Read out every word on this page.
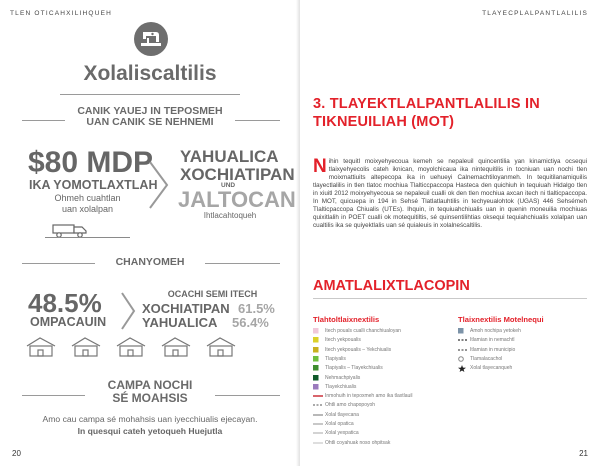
TLEN OTICAHXILIHQUEH
Xolaliscaltilis
CANIK YAUEJ IN TEPOSMEH
UAN CANIK SE NEHNEMI
$80 MDP
IKA YOMOTLAXTLAH
Ohmeh cuahtlan
uan xolalpan
YAHUALICA
XOCHIATIPAN
UND
JALTOCAN
Ihtlacahtoqueh
CHANYOMEH
48.5%
OMPACAUIN
OCACHI SEMI ITECH
XOCHIATIPAN 61.5%
YAHUALICA 56.4%
CAMPA NOCHI
SÉ MOAHSIS
Amo cau campa sé mohahsis uan iyecchiualis ejecayan.
In quesqui cateh yetoqueh Huejutla
20
TLAYECPLALPANTLALILIS
3. TLAYEKTLALPANTLALILIS IN TIKNEUILIAH (MOT)
Nihin tequitl moixyehyecoua kemeh se nepaleuil quincentilia yan kinamictiya ocsequi tlaixyehyecolis cateh iknican, moyolchicaua ika nintequitilis in tocniuan uan nochi tlen moixmattiuits altepecopa ika in uehueyi Calnemachtiloyanmeh. In tequitilanamiquilis tlayectlalilis in tlen tlatoc mochiua Tlalticcpaccopa Hasteca den quichiuh in tequiuah Hidalgo tlen in xiuitl 2012 moixyehyecoua se nepaleuil cualli ok den tlen mochiua axcan itech ni tlalticpaccopa. In MOT, quicuepa in 194 in Sehsé Tlatlatlauhtilis in techyeualohtok (UGAS) 446 Sehsémeh Tlalticpaccopa Chiualis (UTEs). Ihquin, in tequiuahchiualis uan in quenin moneuilia mochiuas quixitlalih in POET cualli ok motequitiltis, sé quinsentilihtias oksequi tequiahchiualis xolalpan uan cualtilis ika se quiyektlalis uan sé quialeuis in xolalneścaltilis.
AMATLALIXTLACOPIN
Tlahtoltlaixnextilis	Tlaixnextilis Motelnequi
Itech pouals cualli chanchiualoyan
Itech yekpoualis
Itech yekpoualis – Yekchiualis
Tlapiyalis
Tlapiyalis – Tlayekchiualis
Nehmachpiyalis
Tlayekchiualis
Inmohuih in tepoxmeh amo ika tlaxtlauil
Ohtli amo chapopoyoh
Xolal tlayecana
Xolal opatica
Xolal yexpatica
Ohtli coyahuak noso ohpitsak
Amoh nochipa yetokeh
Itlamian in nemachtl
Itlamian in municipio
Tlamalacachol
Xolal tlayecanqueh
21
